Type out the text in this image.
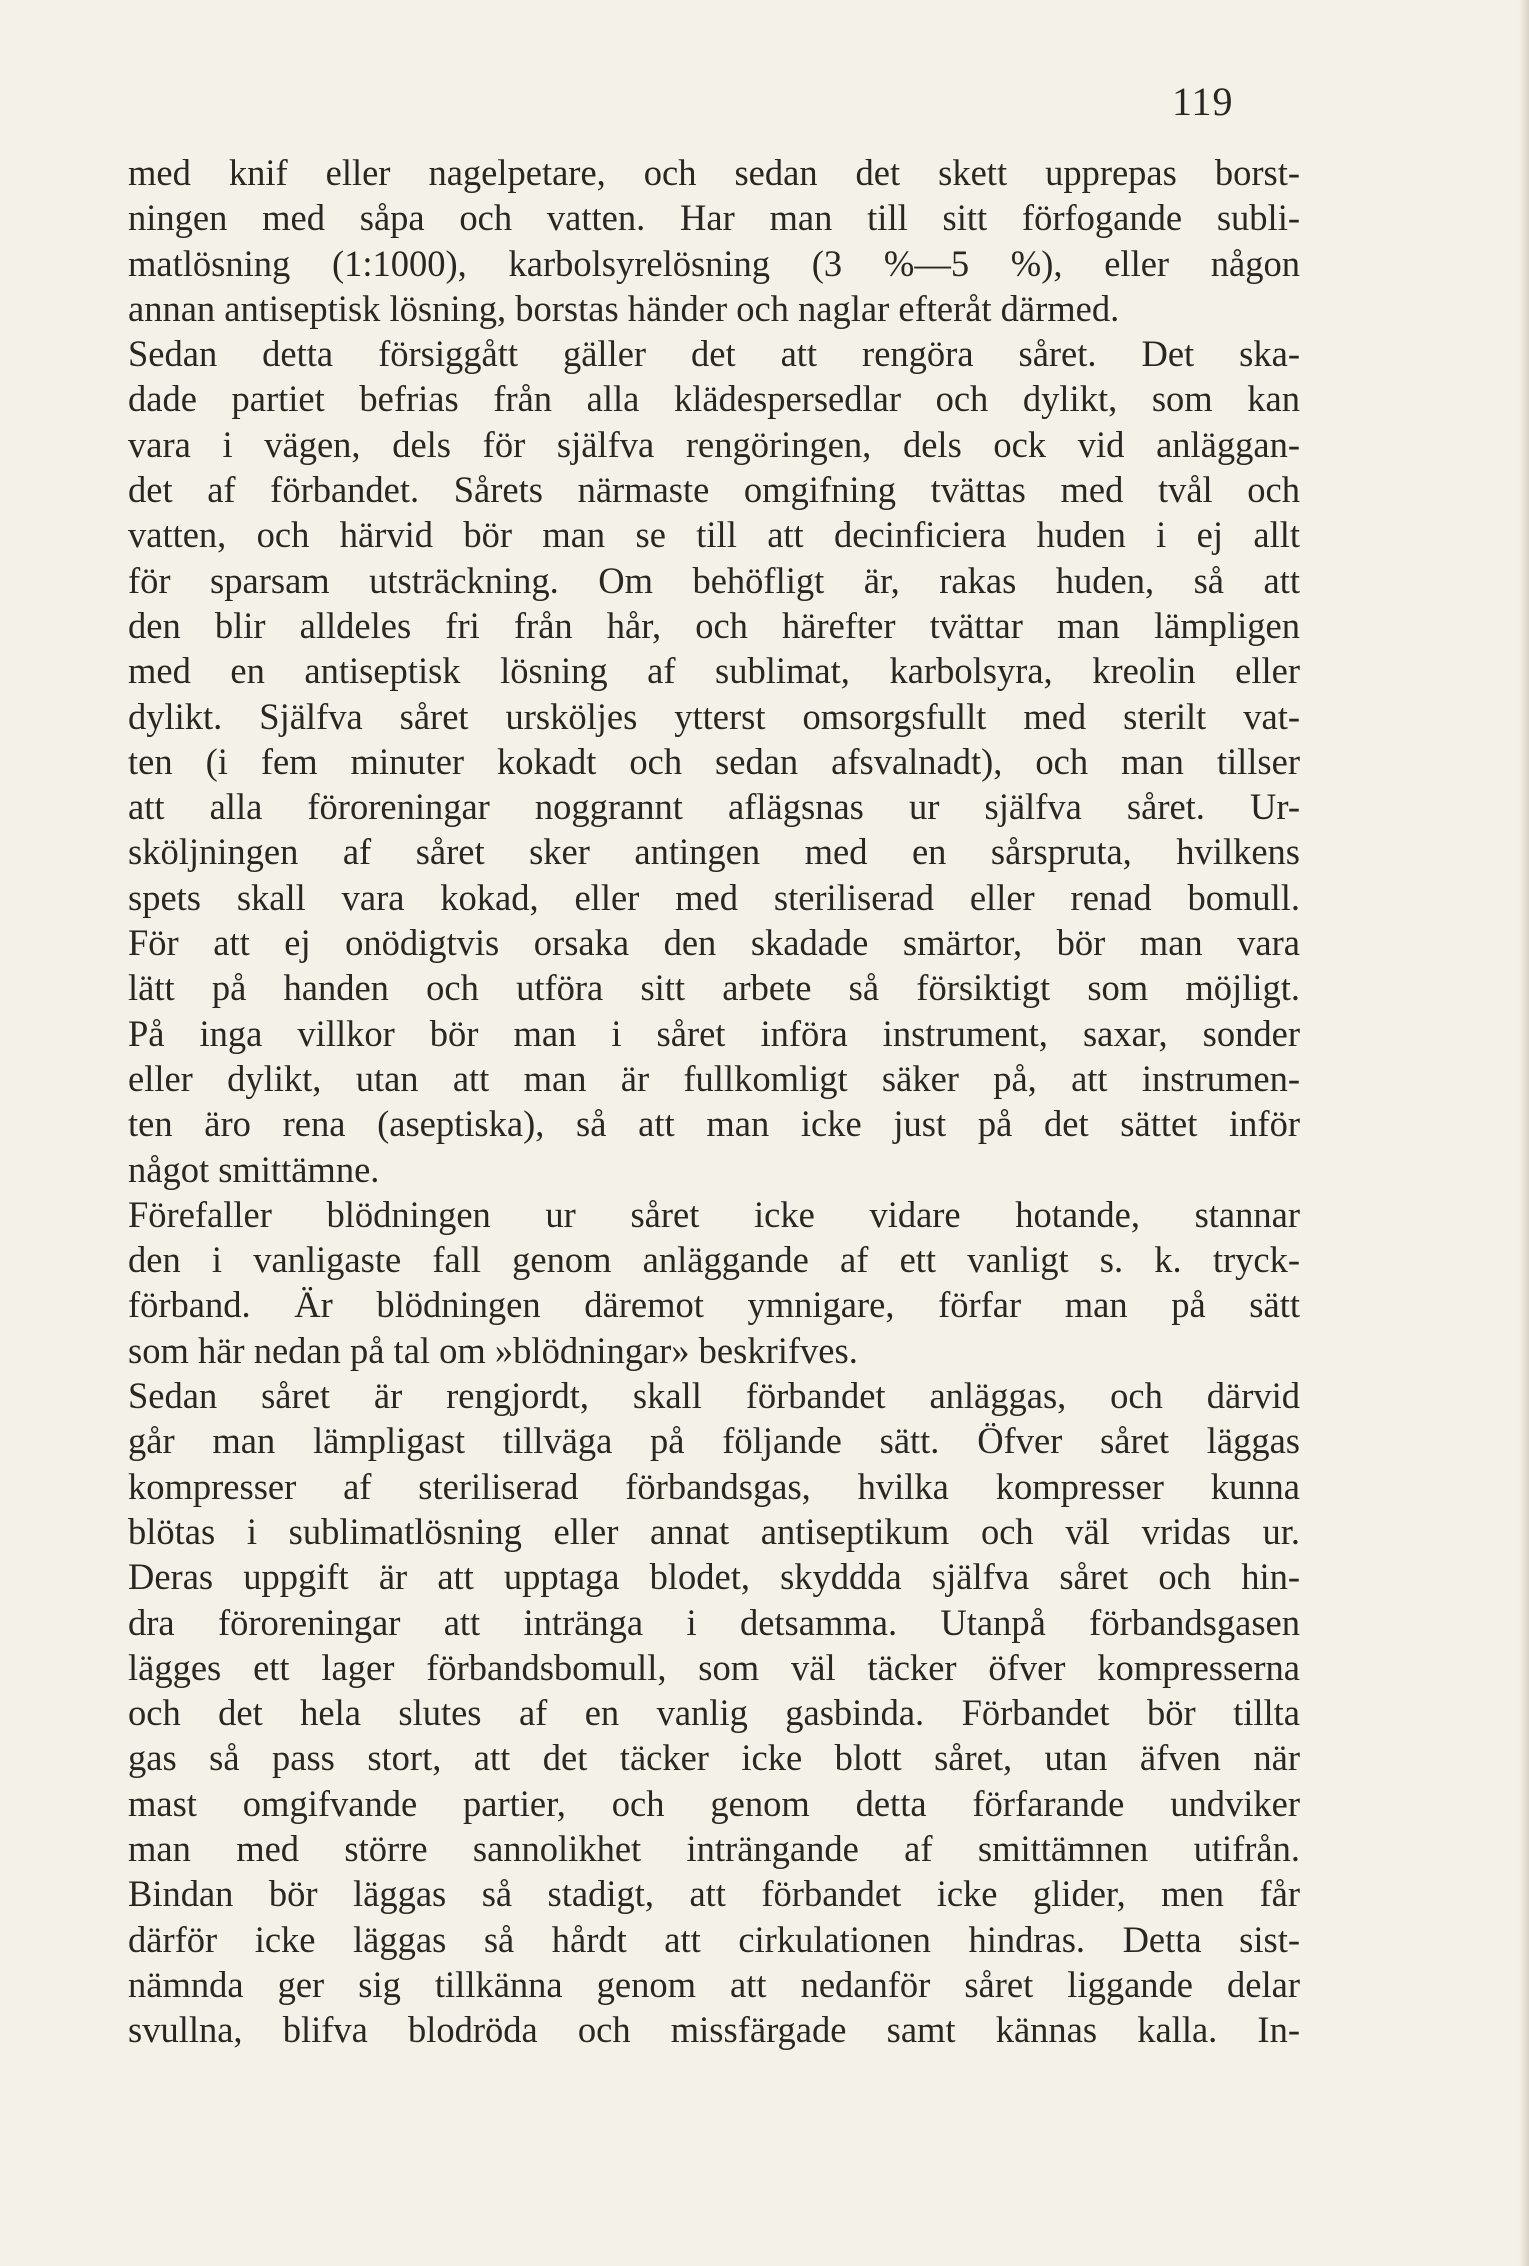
119
med knif eller nagelpetare, och sedan det skett upprepas borst-
ningen med såpa och vatten. Har man till sitt förfogande subli-
matlösning (1:1000), karbolsyrelösning (3 %—5 %), eller någon
annan antiseptisk lösning, borstas händer och naglar efteråt därmed.
Sedan detta försiggått gäller det att rengöra såret. Det ska-
dade partiet befrias från alla klädespersedlar och dylikt, som kan
vara i vägen, dels för själfva rengöringen, dels ock vid anläggan-
det af förbandet. Sårets närmaste omgifning tvättas med tvål och
vatten, och härvid bör man se till att decinficiera huden i ej allt
för sparsam utsträckning. Om behöfligt är, rakas huden, så att
den blir alldeles fri från hår, och härefter tvättar man lämpligen
med en antiseptisk lösning af sublimat, karbolsyra, kreolin eller
dylikt. Själfva såret ursköljes ytterst omsorgsfullt med sterilt vat-
ten (i fem minuter kokadt och sedan afsvalnadt), och man tillser
att alla föroreningar noggrannt aflägsnas ur själfva såret. Ur-
sköljningen af såret sker antingen med en sårspruta, hvilkens
spets skall vara kokad, eller med steriliserad eller renad bomull.
För att ej onödigtvis orsaka den skadade smärtor, bör man vara
lätt på handen och utföra sitt arbete så försiktigt som möjligt.
På inga villkor bör man i såret införa instrument, saxar, sonder
eller dylikt, utan att man är fullkomligt säker på, att instrumen-
ten äro rena (aseptiska), så att man icke just på det sättet inför
något smittämne.
Förefaller blödningen ur såret icke vidare hotande, stannar
den i vanligaste fall genom anläggande af ett vanligt s. k. tryck-
förband. Är blödningen däremot ymnigare, förfar man på sätt
som här nedan på tal om »blödningar» beskrifves.
Sedan såret är rengjordt, skall förbandet anläggas, och därvid
går man lämpligast tillväga på följande sätt. Öfver såret läggas
kompresser af steriliserad förbandsgas, hvilka kompresser kunna
blötas i sublimatlösning eller annat antiseptikum och väl vridas ur.
Deras uppgift är att upptaga blodet, skyddda själfva såret och hin-
dra föroreningar att intränga i detsamma. Utanpå förbandsgasen
lägges ett lager förbandsbomull, som väl täcker öfver kompresserna
och det hela slutes af en vanlig gasbinda. Förbandet bör tillta
gas så pass stort, att det täcker icke blott såret, utan äfven när
mast omgifvande partier, och genom detta förfarande undviker
man med större sannolikhet inträngande af smittämnen utifrån.
Bindan bör läggas så stadigt, att förbandet icke glider, men får
därför icke läggas så hårdt att cirkulationen hindras. Detta sist-
nämnda ger sig tillkänna genom att nedanför såret liggande delar
svullna, blifva blodröda och missfärgade samt kännas kalla. In-
